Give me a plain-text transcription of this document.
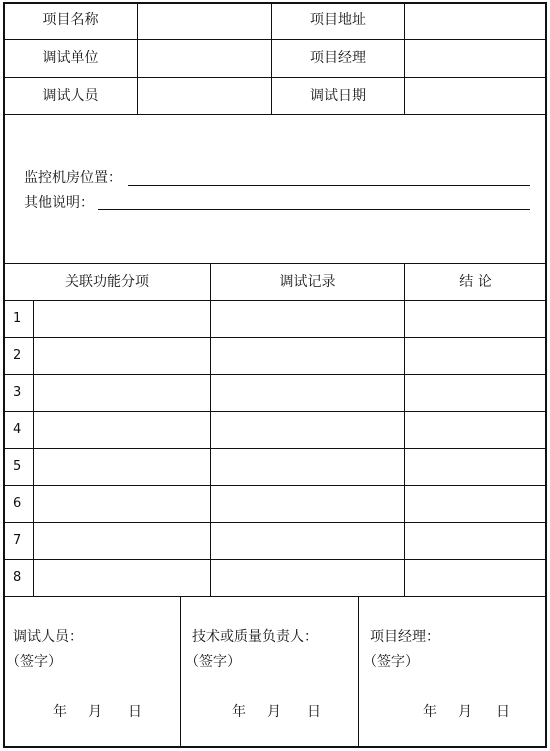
项目名称	项目地址
调试单位	项目经理
调试人员	调试日期
监控机房位置：
其他说明：
关联功能分项	调试记录	结 论
1
2
3
4
5
6
7
8
调试人员：
（签字）
年 月 日
技术或质量负责人：
（签字）
年 月 日
项目经理：
（签字）
年 月 日
